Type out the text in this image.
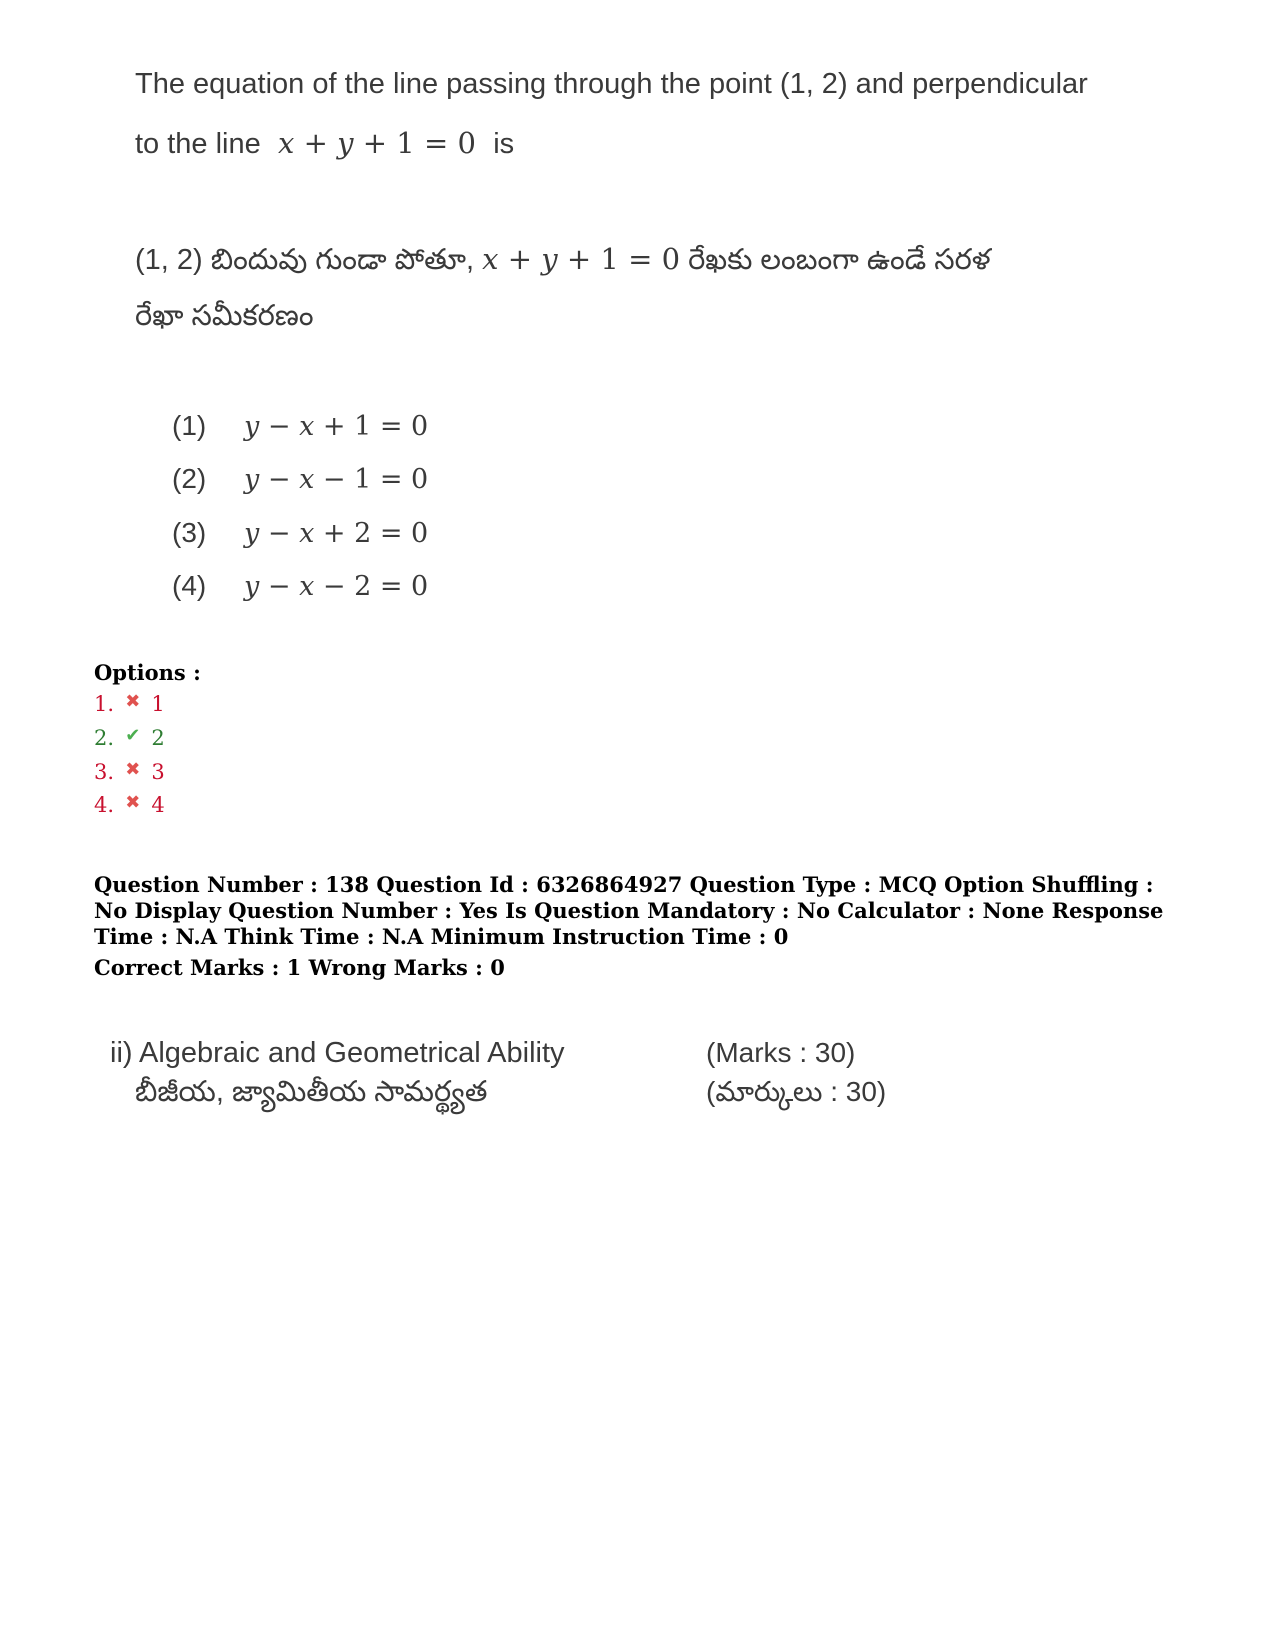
The equation of the line passing through the point (1, 2) and perpendicular
to the line x + y + 1 = 0 is
(1, 2) బిందువు గుండా పోతూ, x + y + 1 = 0 రేఖకు లంబంగా ఉండే సరళ
రేఖా సమీకరణం
(1) y − x + 1 = 0
(2) y − x − 1 = 0
(3) y − x + 2 = 0
(4) y − x − 2 = 0
Options :
1. ✖ 1
2. ✔ 2
3. ✖ 3
4. ✖ 4
Question Number : 138 Question Id : 6326864927 Question Type : MCQ Option Shuffling : No Display Question Number : Yes Is Question Mandatory : No Calculator : None Response Time : N.A Think Time : N.A Minimum Instruction Time : 0
Correct Marks : 1 Wrong Marks : 0
ii) Algebraic and Geometrical Ability
బీజీయ, జ్యామితీయ సామర్థ్యత
(Marks : 30)
(మార్కులు : 30)
